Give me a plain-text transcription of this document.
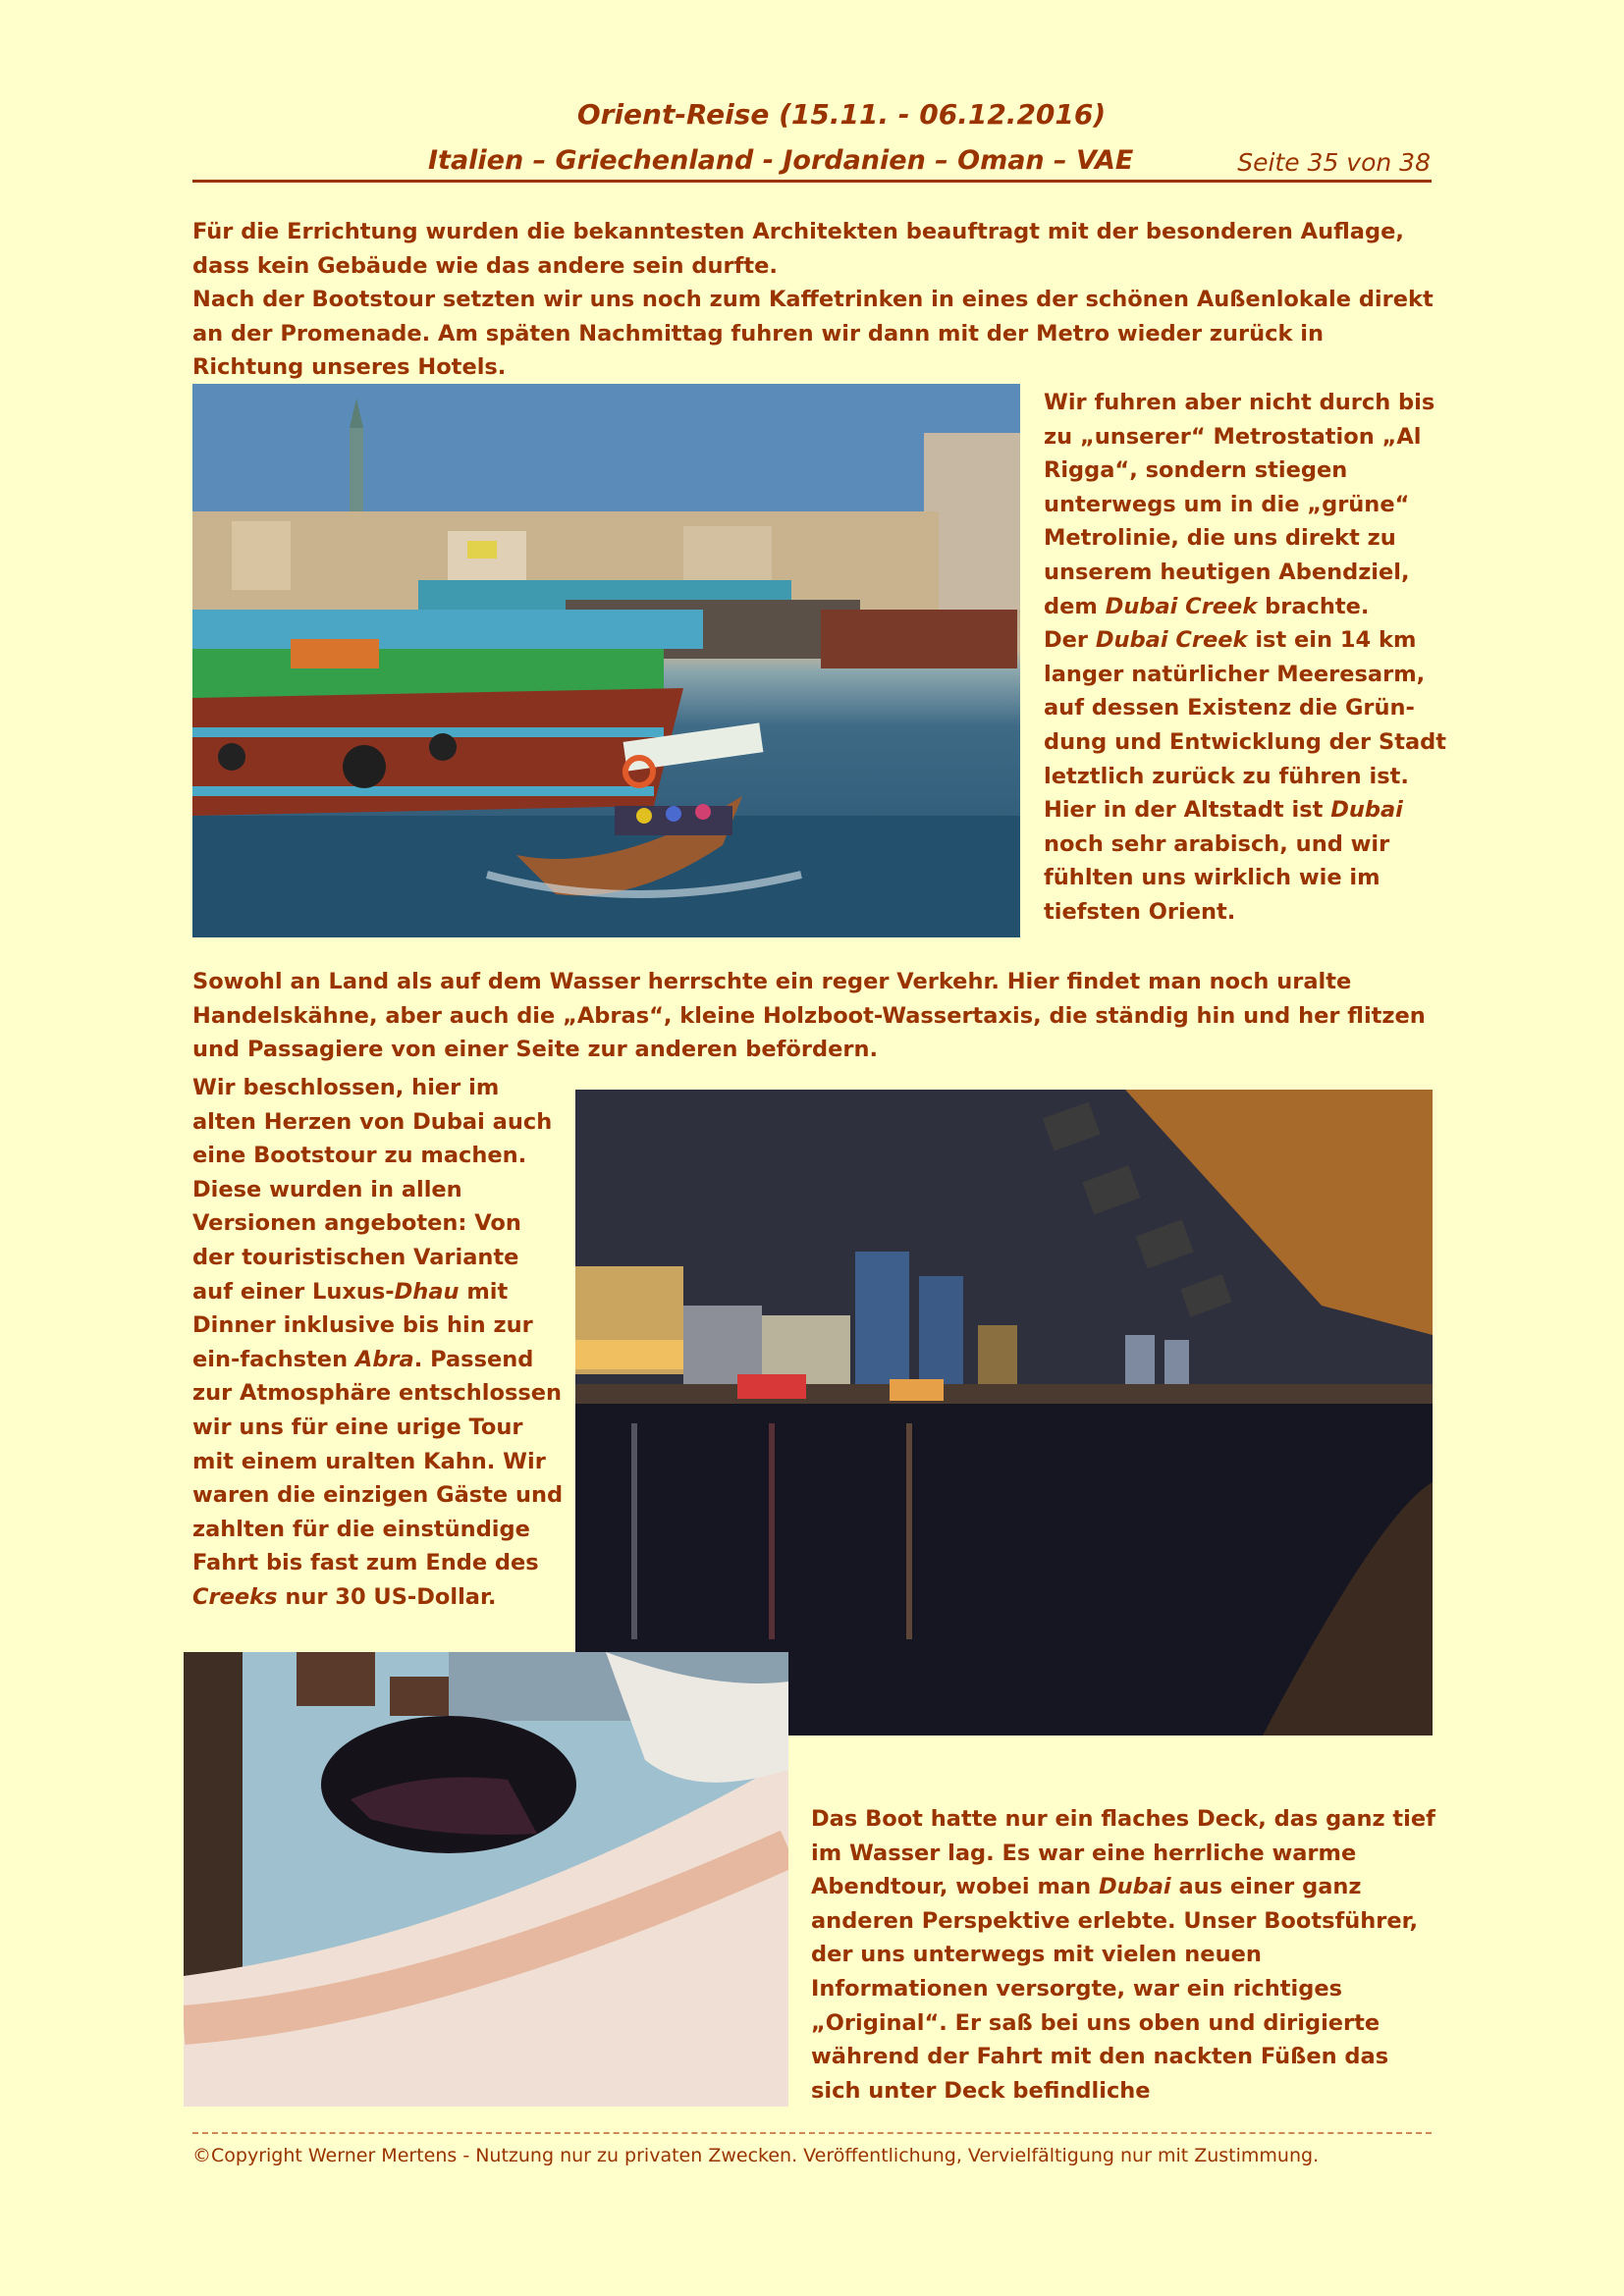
Orient-Reise (15.11. - 06.12.2016)
Italien – Griechenland - Jordanien – Oman – VAE	Seite 35 von 38
Für die Errichtung wurden die bekanntesten Architekten beauftragt mit der besonderen Auflage, dass kein Gebäude wie das andere sein durfte.
Nach der Bootstour setzten wir uns noch zum Kaffetrinken in eines der schönen Außenlokale direkt an der Promenade. Am späten Nachmittag fuhren wir dann mit der Metro wieder zurück in Richtung unseres Hotels.
Wir fuhren aber nicht durch bis zu „unserer“ Metrostation „Al Rigga“, sondern stiegen unterwegs um in die „grüne“ Metrolinie, die uns direkt zu unserem heutigen Abendziel, dem Dubai Creek brachte.
Der Dubai Creek ist ein 14 km langer natürlicher Meeresarm, auf dessen Existenz die Grün-dung und Entwicklung der Stadt letztlich zurück zu führen ist. Hier in der Altstadt ist Dubai noch sehr arabisch, und wir fühlten uns wirklich wie im tiefsten Orient.
Sowohl an Land als auf dem Wasser herrschte ein reger Verkehr. Hier findet man noch uralte Handelskähne, aber auch die „Abras“, kleine Holzboot-Wassertaxis, die ständig hin und her flitzen und Passagiere von einer Seite zur anderen befördern.
Wir beschlossen, hier im alten Herzen von Dubai auch eine Bootstour zu machen. Diese wurden in allen Versionen angeboten: Von der touristischen Variante auf einer Luxus-Dhau mit Dinner inklusive bis hin zur ein-fachsten Abra. Passend zur Atmosphäre entschlossen wir uns für eine urige Tour mit einem uralten Kahn. Wir waren die einzigen Gäste und zahlten für die einstündige Fahrt bis fast zum Ende des Creeks nur 30 US-Dollar.
Das Boot hatte nur ein flaches Deck, das ganz tief im Wasser lag. Es war eine herrliche warme Abendtour, wobei man Dubai aus einer ganz anderen Perspektive erlebte. Unser Bootsführer, der uns unterwegs mit vielen neuen Informationen versorgte, war ein richtiges „Original“. Er saß bei uns oben und dirigierte während der Fahrt mit den nackten Füßen das sich unter Deck befindliche
©Copyright Werner Mertens - Nutzung nur zu privaten Zwecken. Veröffentlichung, Vervielfältigung nur mit Zustimmung.
